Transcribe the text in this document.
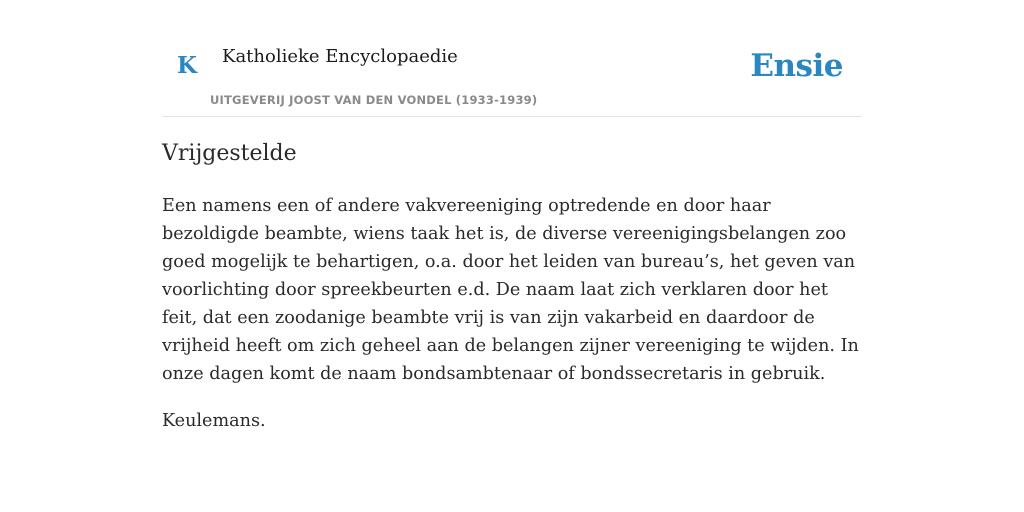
K Katholieke Encyclopaedie
UITGEVERIJ JOOST VAN DEN VONDEL (1933-1939)
Ensie
Vrijgestelde

Een namens een of andere vakvereeniging optredende en door haar bezoldigde beambte, wiens taak het is, de diverse vereenigingsbelangen zoo goed mogelijk te behartigen, o.a. door het leiden van bureau’s, het geven van voorlichting door spreekbeurten e.d. De naam laat zich verklaren door het feit, dat een zoodanige beambte vrij is van zijn vakarbeid en daardoor de vrijheid heeft om zich geheel aan de belangen zijner vereeniging te wijden. In onze dagen komt de naam bondsambtenaar of bondssecretaris in gebruik.

Keulemans.
